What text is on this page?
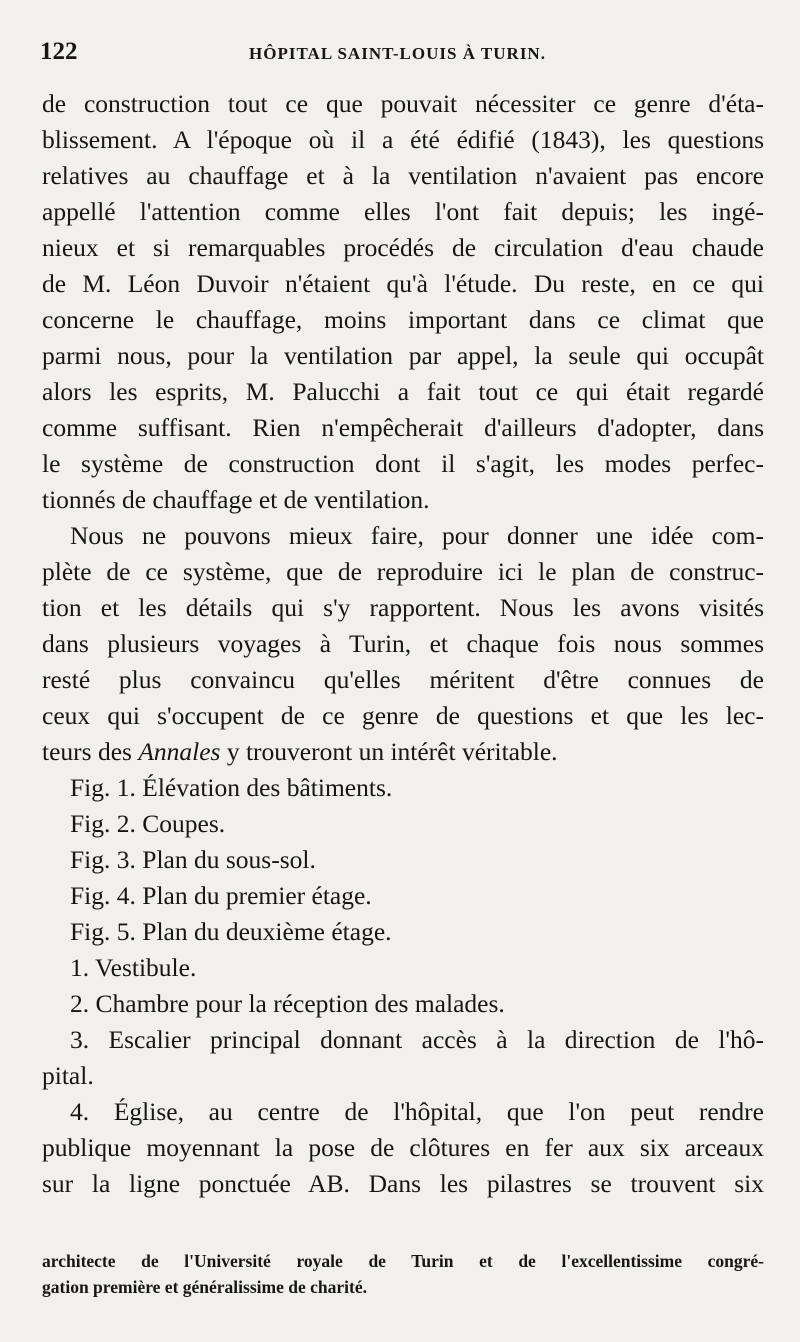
122	HÔPITAL SAINT-LOUIS À TURIN.
de construction tout ce que pouvait nécessiter ce genre d'éta-
blissement. A l'époque où il a été édifié (1843), les questions
relatives au chauffage et à la ventilation n'avaient pas encore
appellé l'attention comme elles l'ont fait depuis; les ingé-
nieux et si remarquables procédés de circulation d'eau chaude
de M. Léon Duvoir n'étaient qu'à l'étude. Du reste, en ce qui
concerne le chauffage, moins important dans ce climat que
parmi nous, pour la ventilation par appel, la seule qui occupât
alors les esprits, M. Palucchi a fait tout ce qui était regardé
comme suffisant. Rien n'empêcherait d'ailleurs d'adopter, dans
le système de construction dont il s'agit, les modes perfec-
tionnés de chauffage et de ventilation.
Nous ne pouvons mieux faire, pour donner une idée com-
plète de ce système, que de reproduire ici le plan de construc-
tion et les détails qui s'y rapportent. Nous les avons visités
dans plusieurs voyages à Turin, et chaque fois nous sommes
resté plus convaincu qu'elles méritent d'être connues de
ceux qui s'occupent de ce genre de questions et que les lec-
teurs des Annales y trouveront un intérêt véritable.
Fig. 1. Élévation des bâtiments.
Fig. 2. Coupes.
Fig. 3. Plan du sous-sol.
Fig. 4. Plan du premier étage.
Fig. 5. Plan du deuxième étage.
1. Vestibule.
2. Chambre pour la réception des malades.
3. Escalier principal donnant accès à la direction de l'hô-
pital.
4. Église, au centre de l'hôpital, que l'on peut rendre
publique moyennant la pose de clôtures en fer aux six arceaux
sur la ligne ponctuée AB. Dans les pilastres se trouvent six
architecte de l'Université royale de Turin et de l'excellentissime congré-
gation première et généralissime de charité.
